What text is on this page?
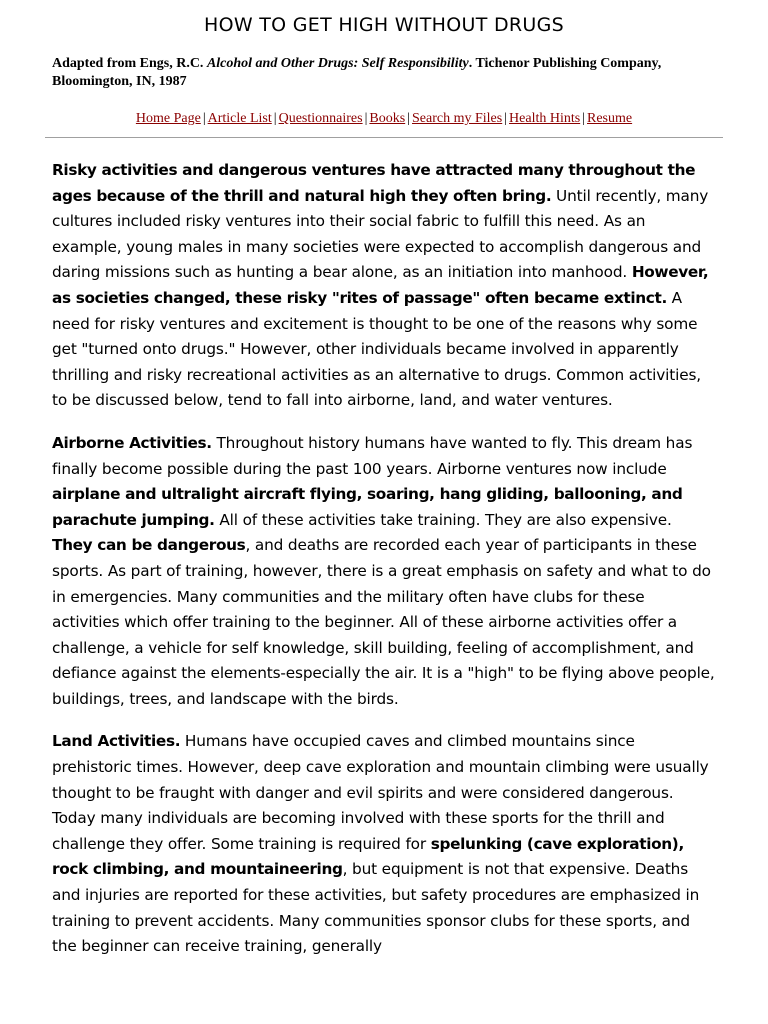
HOW TO GET HIGH WITHOUT DRUGS
Adapted from Engs, R.C. Alcohol and Other Drugs: Self Responsibility. Tichenor Publishing Company, Bloomington, IN, 1987
Home Page | Article List | Questionnaires | Books | Search my Files | Health Hints | Resume

Risky activities and dangerous ventures have attracted many throughout the ages because of the thrill and natural high they often bring. Until recently, many cultures included risky ventures into their social fabric to fulfill this need. As an example, young males in many societies were expected to accomplish dangerous and daring missions such as hunting a bear alone, as an initiation into manhood. However, as societies changed, these risky "rites of passage" often became extinct. A need for risky ventures and excitement is thought to be one of the reasons why some get "turned onto drugs." However, other individuals became involved in apparently thrilling and risky recreational activities as an alternative to drugs. Common activities, to be discussed below, tend to fall into airborne, land, and water ventures.

Airborne Activities. Throughout history humans have wanted to fly. This dream has finally become possible during the past 100 years. Airborne ventures now include airplane and ultralight aircraft flying, soaring, hang gliding, ballooning, and parachute jumping. All of these activities take training. They are also expensive. They can be dangerous, and deaths are recorded each year of participants in these sports. As part of training, however, there is a great emphasis on safety and what to do in emergencies. Many communities and the military often have clubs for these activities which offer training to the beginner. All of these airborne activities offer a challenge, a vehicle for self knowledge, skill building, feeling of accomplishment, and defiance against the elements-especially the air. It is a "high" to be flying above people, buildings, trees, and landscape with the birds.

Land Activities. Humans have occupied caves and climbed mountains since prehistoric times. However, deep cave exploration and mountain climbing were usually thought to be fraught with danger and evil spirits and were considered dangerous. Today many individuals are becoming involved with these sports for the thrill and challenge they offer. Some training is required for spelunking (cave exploration), rock climbing, and mountaineering, but equipment is not that expensive. Deaths and injuries are reported for these activities, but safety procedures are emphasized in training to prevent accidents. Many communities sponsor clubs for these sports, and the beginner can receive training, generally
